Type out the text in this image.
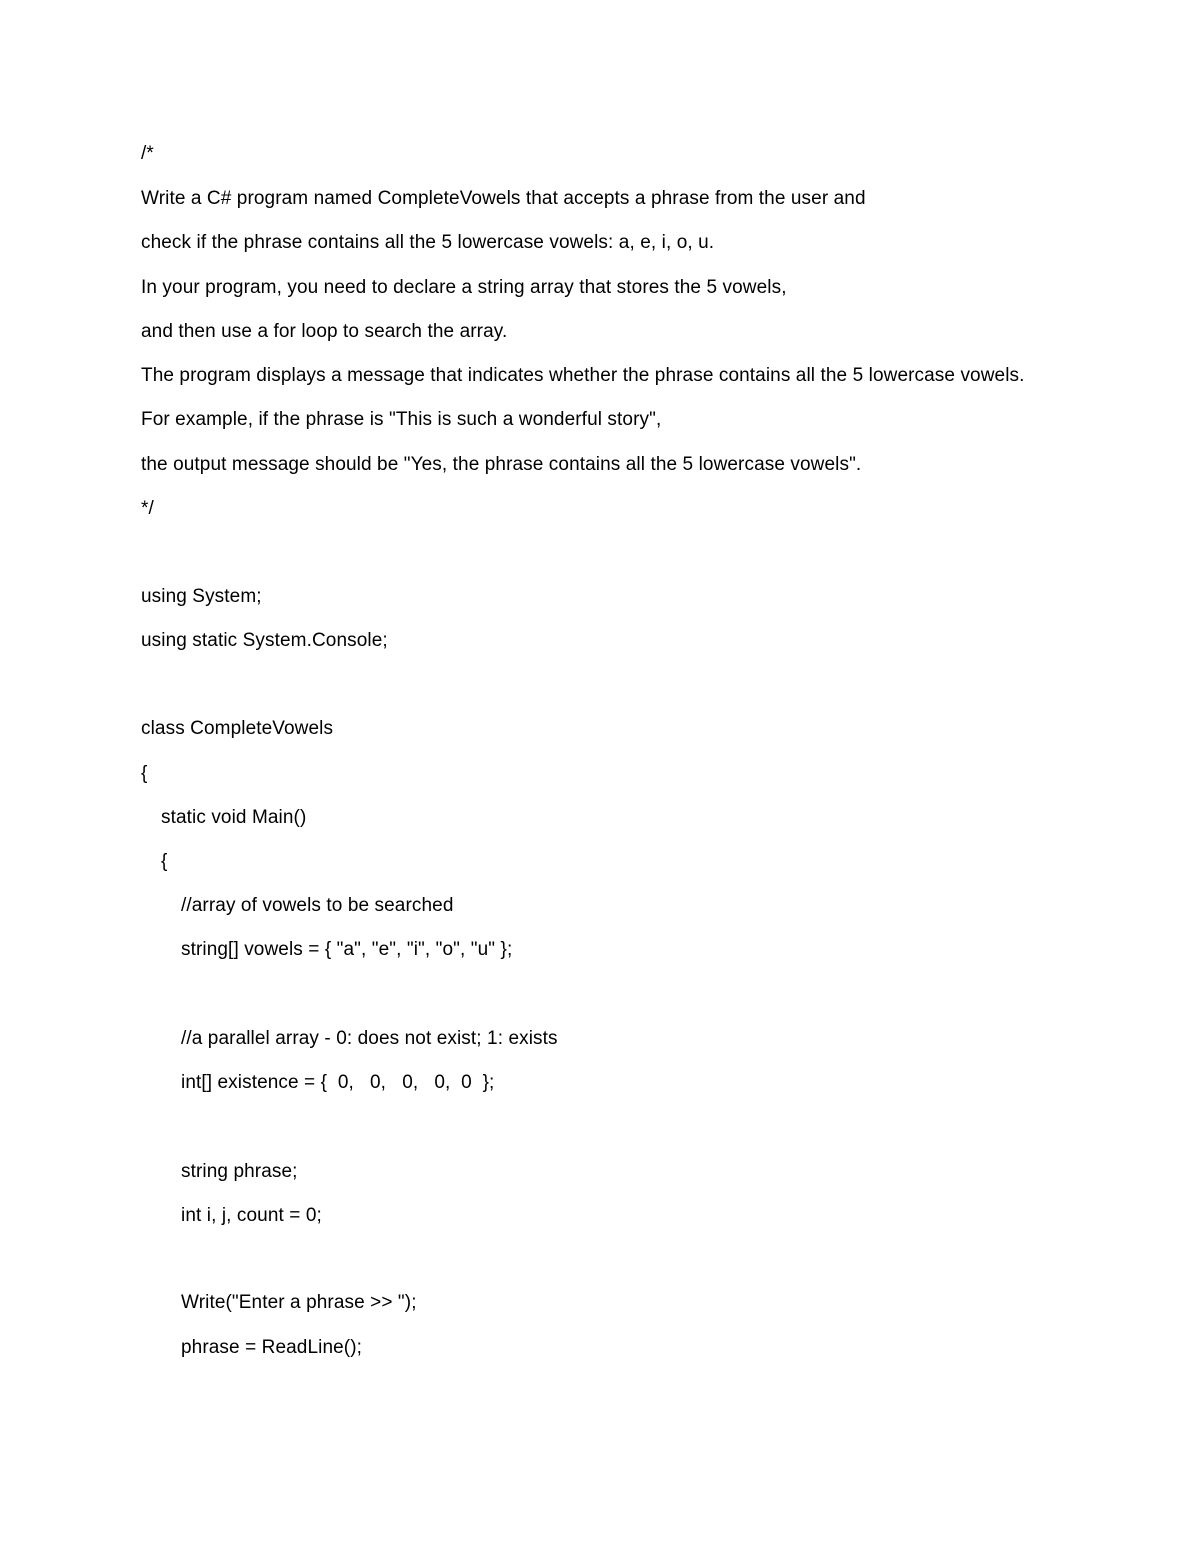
/*
Write a C# program named CompleteVowels that accepts a phrase from the user and
check if the phrase contains all the 5 lowercase vowels: a, e, i, o, u.
In your program, you need to declare a string array that stores the 5 vowels,
and then use a for loop to search the array.
The program displays a message that indicates whether the phrase contains all the 5 lowercase vowels.
For example, if the phrase is "This is such a wonderful story",
the output message should be "Yes, the phrase contains all the 5 lowercase vowels".
*/
using System;
using static System.Console;
class CompleteVowels
{
static void Main()
{
//array of vowels to be searched
string[] vowels = { "a", "e", "i", "o", "u" };
//a parallel array - 0: does not exist; 1: exists
int[] existence = {  0,   0,   0,   0,  0  };
string phrase;
int i, j, count = 0;
Write("Enter a phrase >> ");
phrase = ReadLine();
